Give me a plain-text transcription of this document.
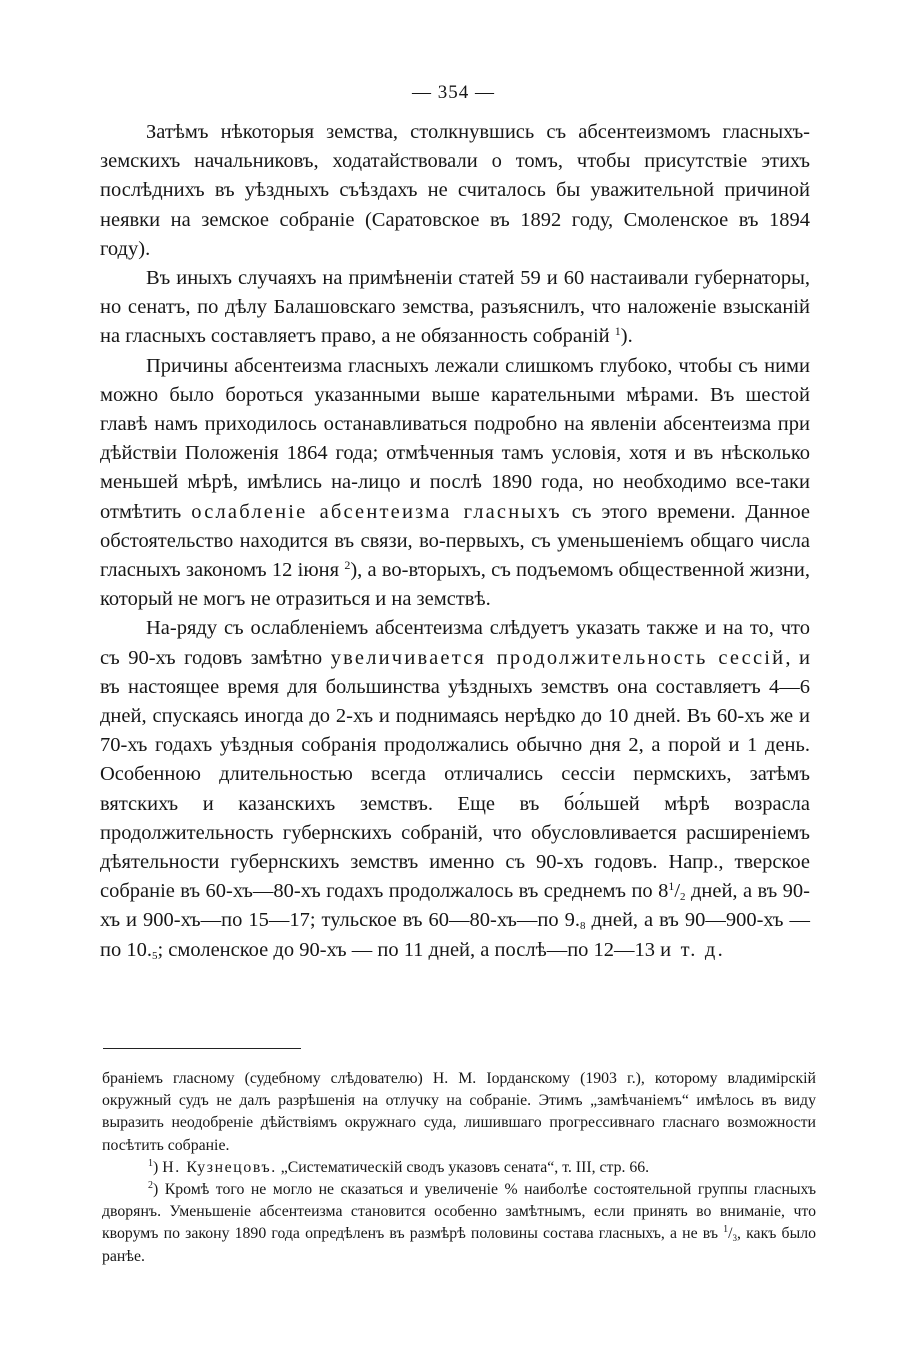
— 354 —

Затѣмъ нѣкоторыя земства, столкнувшись съ абсентеизмомъ гласныхъ-земскихъ начальниковъ, ходатайствовали о томъ, чтобы присутствіе этихъ послѣднихъ въ уѣздныхъ съѣздахъ не считалось бы уважительной причиной неявки на земское собраніе (Саратовское въ 1892 году, Смоленское въ 1894 году).

Въ иныхъ случаяхъ на примѣненіи статей 59 и 60 настаивали губернаторы, но сенатъ, по дѣлу Балашовскаго земства, разъяснилъ, что наложеніе взысканій на гласныхъ составляетъ право, а не обязанность собраній $^1$).

Причины абсентеизма гласныхъ лежали слишкомъ глубоко, чтобы съ ними можно было бороться указанными выше карательными мѣрами. Въ шестой главѣ намъ приходилось останавливаться подробно на явленіи абсентеизма при дѣйствіи Положенія 1864 года; отмѣченныя тамъ условія, хотя и въ нѣсколько меньшей мѣрѣ, имѣлись на-лицо и послѣ 1890 года, но необходимо все-таки отмѣтить ослабленіе абсентеизма гласныхъ съ этого времени. Данное обстоятельство находится въ связи, во-первыхъ, съ уменьшеніемъ общаго числа гласныхъ закономъ 12 іюня $^2$), а во-вторыхъ, съ подъемомъ общественной жизни, который не могъ не отразиться и на земствѣ.

На-ряду съ ослабленіемъ абсентеизма слѣдуетъ указать также и на то, что съ 90-хъ годовъ замѣтно увеличивается продолжительность сессій, и въ настоящее время для большинства уѣздныхъ земствъ она составляетъ 4—6 дней, спускаясь иногда до 2-хъ и поднимаясь нерѣдко до 10 дней. Въ 60-хъ же и 70-хъ годахъ уѣздныя собранія продолжались обычно дня 2, а порой и 1 день. Особенною длительностью всегда отличались сессіи пермскихъ, затѣмъ вятскихъ и казанскихъ земствъ. Еще въ бо́льшей мѣрѣ возрасла продолжительность губернскихъ собраній, что обусловливается расширеніемъ дѣятельности губернскихъ земствъ именно съ 90-хъ годовъ. Напр., тверское собраніе въ 60-хъ—80-хъ годахъ продолжалось въ среднемъ по $8^1/_2$ дней, а въ 90-хъ и 900-хъ—по 15—17; тульское въ 60—80-хъ—по $9._8$ дней, а въ 90—900-хъ — по $10._5$; смоленское до 90-хъ — по 11 дней, а послѣ—по 12—13 и т. д.

браніемъ гласному (судебному слѣдователю) Н. М. Іорданскому (1903 г.), которому владимірскій окружный судъ не далъ разрѣшенія на отлучку на собраніе. Этимъ „замѣчаніемъ“ имѣлось въ виду выразить неодобреніе дѣйствіямъ окружнаго суда, лишившаго прогрессивнаго гласнаго возможности посѣтить собраніе.

$^1$) Н. Кузнецовъ. „Систематическій сводъ указовъ сената“, т. III, стр. 66.

$^2$) Кромѣ того не могло не сказаться и увеличеніе % наиболѣе состоятельной группы гласныхъ дворянъ. Уменьшеніе абсентеизма становится особенно замѣтнымъ, если принять во вниманіе, что кворумъ по закону 1890 года опредѣленъ въ размѣрѣ половины состава гласныхъ, а не въ $^1/_3$, какъ было ранѣе.
